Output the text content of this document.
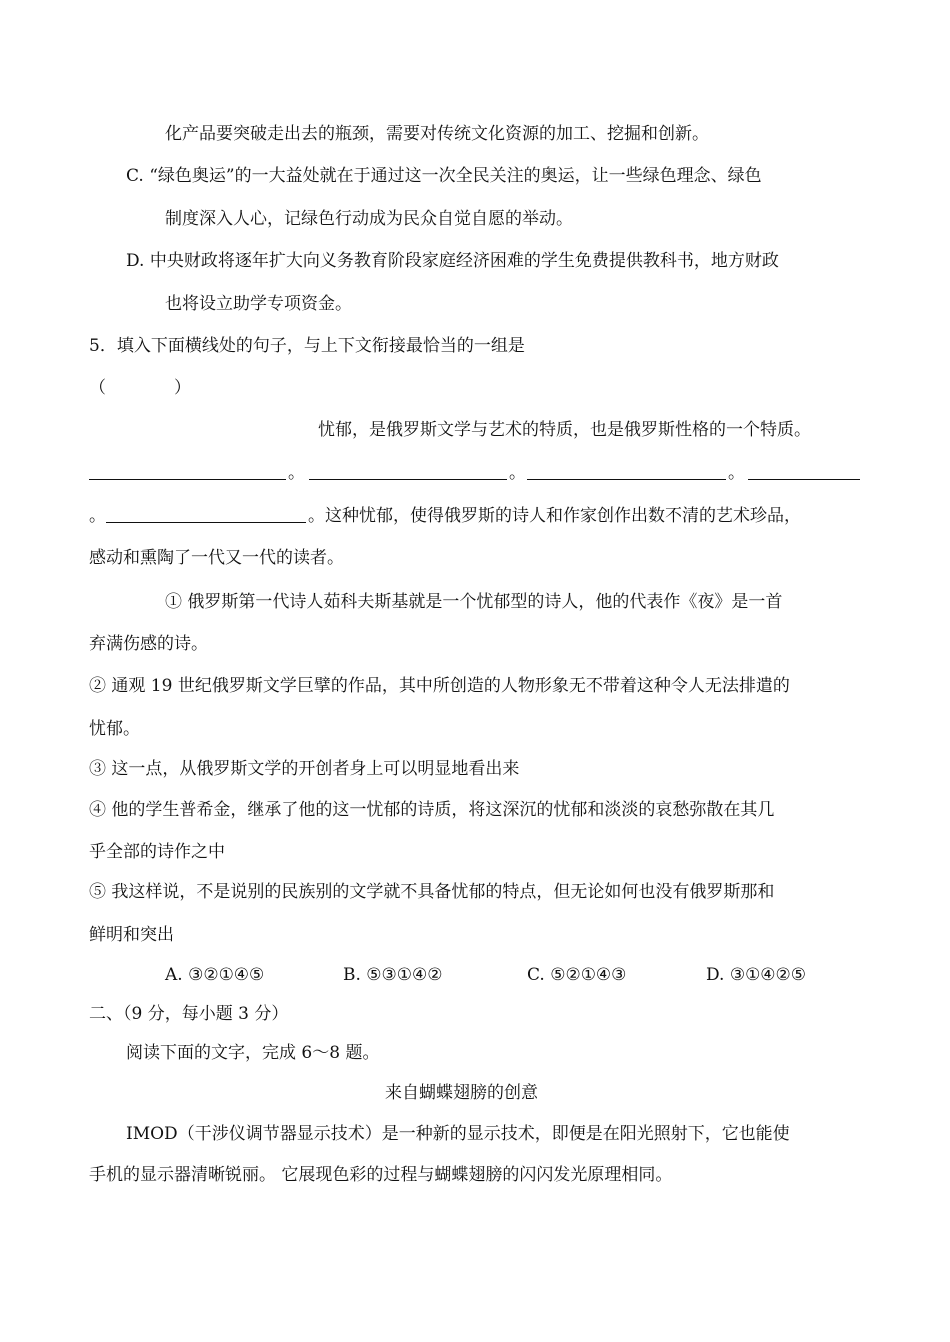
化产品要突破走出去的瓶颈，需要对传统文化资源的加工、挖掘和创新。
C. “绿色奥运”的一大益处就在于通过这一次全民关注的奥运，让一些绿色理念、绿色
制度深入人心，记绿色行动成为民众自觉自愿的举动。
D. 中央财政将逐年扩大向义务教育阶段家庭经济困难的学生免费提供教科书，地方财政
也将设立助学专项资金。
5．填入下面横线处的句子，与上下文衔接最恰当的一组是
（　　　　）
忧郁，是俄罗斯文学与艺术的特质，也是俄罗斯性格的一个特质。
。	。	。
。	。这种忧郁，使得俄罗斯的诗人和作家创作出数不清的艺术珍品，
感动和熏陶了一代又一代的读者。
① 俄罗斯第一代诗人茹科夫斯基就是一个忧郁型的诗人，他的代表作《夜》是一首
弃满伤感的诗。
② 通观 19 世纪俄罗斯文学巨擘的作品，其中所创造的人物形象无不带着这种令人无法排遣的
忧郁。
③ 这一点，从俄罗斯文学的开创者身上可以明显地看出来
④ 他的学生普希金，继承了他的这一忧郁的诗质，将这深沉的忧郁和淡淡的哀愁弥散在其几
乎全部的诗作之中
⑤ 我这样说，不是说别的民族别的文学就不具备忧郁的特点，但无论如何也没有俄罗斯那和
鲜明和突出
A. ③②①④⑤	B. ⑤③①④②	C. ⑤②①④③	D. ③①④②⑤
二、（9 分，每小题 3 分）
阅读下面的文字，完成 6～8 题。
来自蝴蝶翅膀的创意
IMOD（干涉仪调节器显示技术）是一种新的显示技术，即便是在阳光照射下，它也能使
手机的显示器清晰锐丽。 它展现色彩的过程与蝴蝶翅膀的闪闪发光原理相同。
